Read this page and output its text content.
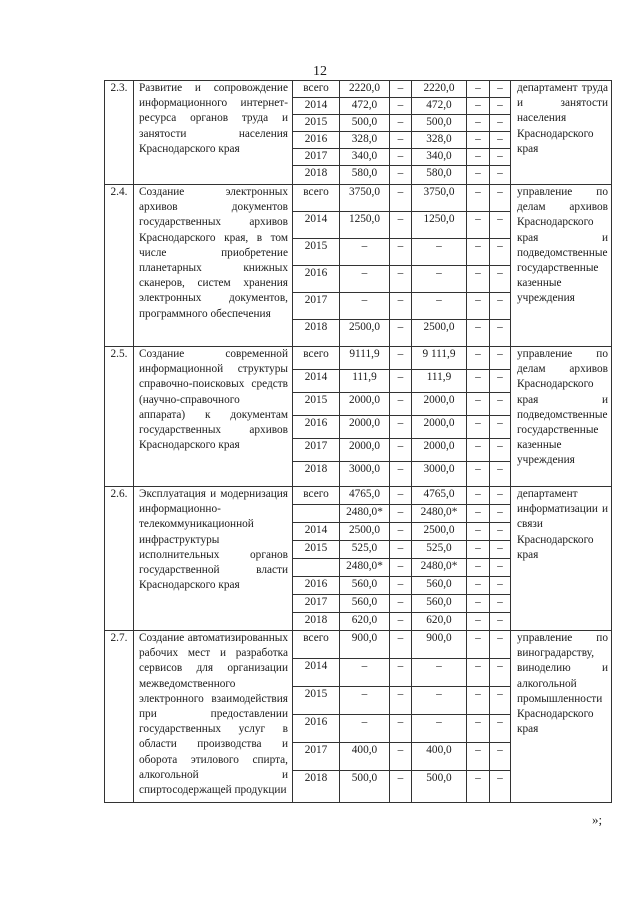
12
2.3.	Развитие и сопровождение информационного интернет-ресурса органов труда и занятости населения Краснодарского края	всего	2220,0	–	2220,0	–	–	департамент труда и занятости населения Краснодарского края
		2014	472,0	–	472,0	–	–	
		2015	500,0	–	500,0	–	–	
		2016	328,0	–	328,0	–	–	
		2017	340,0	–	340,0	–	–	
		2018	580,0	–	580,0	–	–	
2.4.	Создание электронных архивов документов государственных архивов Краснодарского края, в том числе приобретение планетарных книжных сканеров, систем хранения электронных документов, программного обеспечения	всего	3750,0	–	3750,0	–	–	управление по делам архивов Краснодарского края и подведомственные государственные казенные учреждения
		2014	1250,0	–	1250,0	–	–	
		2015	–	–	–	–	–	
		2016	–	–	–	–	–	
		2017	–	–	–	–	–	
		2018	2500,0	–	2500,0	–	–	
2.5.	Создание современной информационной структуры справочно-поисковых средств (научно-справочного аппарата) к документам государственных архивов Краснодарского края	всего	9111,9	–	9 111,9	–	–	управление по делам архивов Краснодарского края и подведомственные государственные казенные учреждения
		2014	111,9	–	111,9	–	–	
		2015	2000,0	–	2000,0	–	–	
		2016	2000,0	–	2000,0	–	–	
		2017	2000,0	–	2000,0	–	–	
		2018	3000,0	–	3000,0	–	–	
2.6.	Эксплуатация и модернизация информационно-телекоммуникационной инфраструктуры исполнительных органов государственной власти Краснодарского края	всего	4765,0	–	4765,0	–	–	департамент информатизации и связи Краснодарского края
			2480,0*	–	2480,0*	–	–	
		2014	2500,0	–	2500,0	–	–	
		2015	525,0	–	525,0	–	–	
			2480,0*	–	2480,0*	–	–	
		2016	560,0	–	560,0	–	–	
		2017	560,0	–	560,0	–	–	
		2018	620,0	–	620,0	–	–	
2.7.	Создание автоматизированных рабочих мест и разработка сервисов для организации межведомственного электронного взаимодействия при предоставлении государственных услуг в области производства и оборота этилового спирта, алкогольной и спиртосодержащей продукции	всего	900,0	–	900,0	–	–	управление по виноградарству, виноделию и алкогольной промышленности Краснодарского края
		2014	–	–	–	–	–	
		2015	–	–	–	–	–	
		2016	–	–	–	–	–	
		2017	400,0	–	400,0	–	–	
		2018	500,0	–	500,0	–	–	
»;
